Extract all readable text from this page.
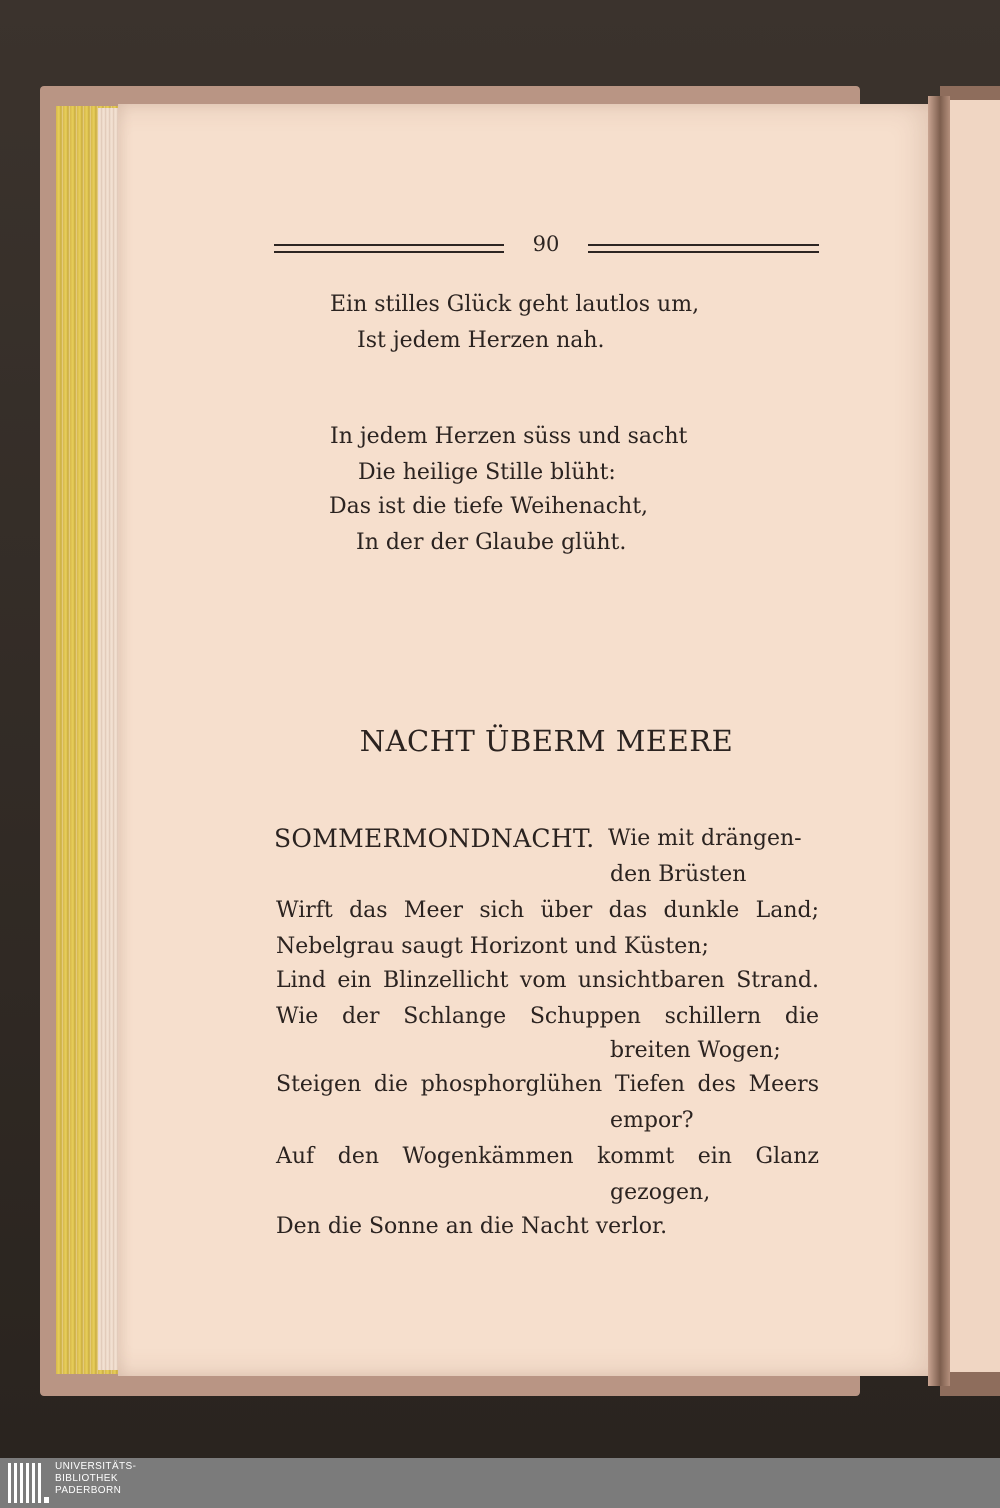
90
Ein stilles Glück geht lautlos um,
Ist jedem Herzen nah.
In jedem Herzen süss und sacht
Die heilige Stille blüht:
Das ist die tiefe Weihenacht,
In der der Glaube glüht.
NACHT ÜBERM MEERE
SOMMERMONDNACHT. Wie mit drängen-
den Brüsten
Wirft das Meer sich über das dunkle Land;
Nebelgrau saugt Horizont und Küsten;
Lind ein Blinzellicht vom unsichtbaren Strand.
Wie der Schlange Schuppen schillern die
breiten Wogen;
Steigen die phosphorglühen Tiefen des Meers
empor?
Auf den Wogenkämmen kommt ein Glanz
gezogen,
Den die Sonne an die Nacht verlor.
UNIVERSITÄTS-
BIBLIOTHEK
PADERBORN
